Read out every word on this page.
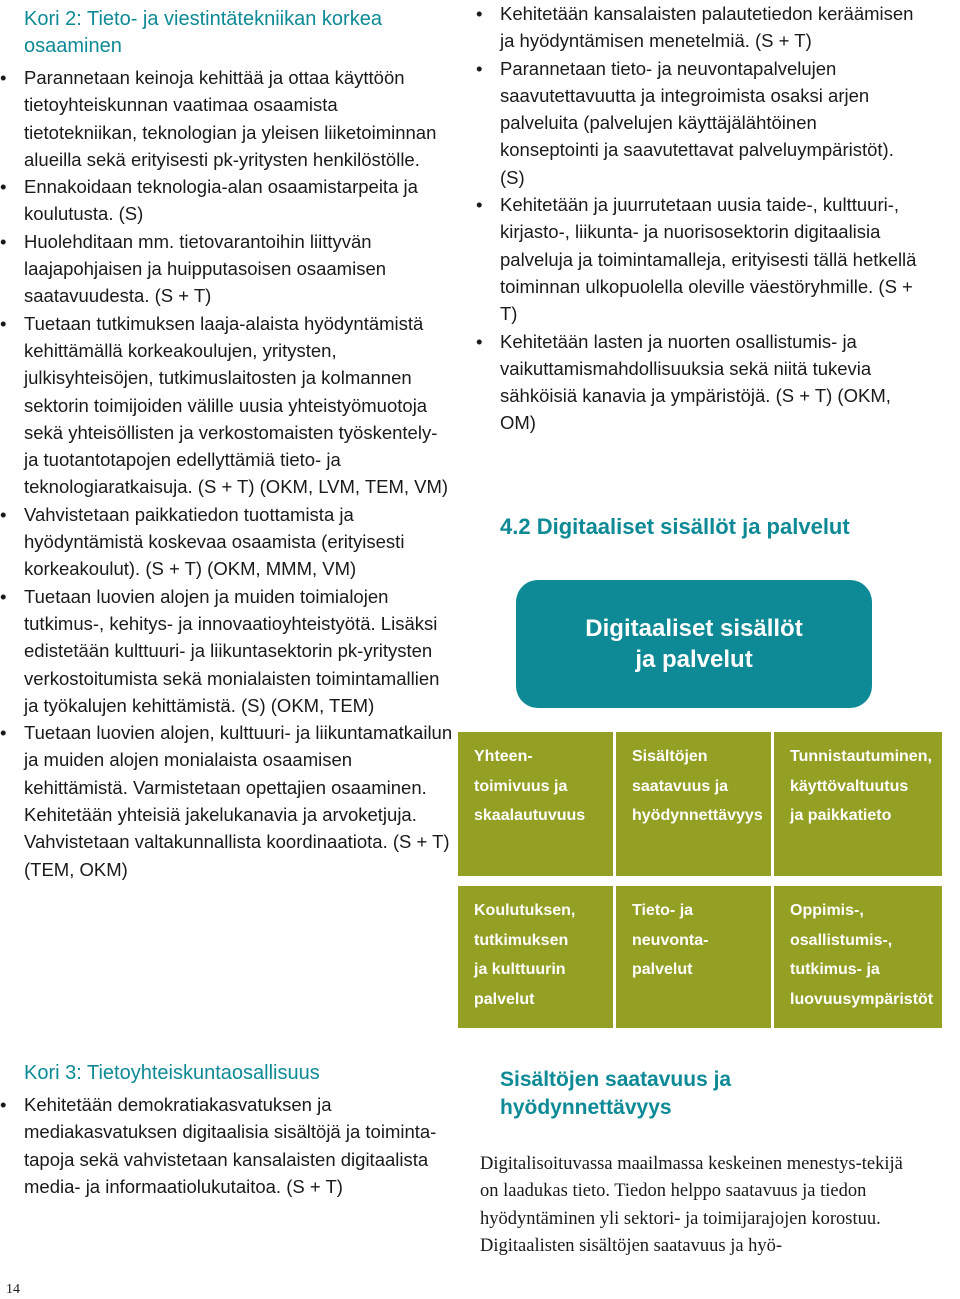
Kori 2: Tieto- ja viestintätekniikan korkea osaaminen
• Parannetaan keinoja kehittää ja ottaa käyttöön tietoyhteiskunnan vaatimaa osaamista tietotekniikan, teknologian ja yleisen liiketoiminnan alueilla sekä erityisesti pk-yritysten henkilöstölle.
• Ennakoidaan teknologia-alan osaamistarpeita ja koulutusta. (S)
• Huolehditaan mm. tietovarantoihin liittyvän laajapohjaisen ja huipputasoisen osaamisen saatavuudesta. (S + T)
• Tuetaan tutkimuksen laaja-alaista hyödyntämistä kehittämällä korkeakoulujen, yritysten, julkisyhteisöjen, tutkimuslaitosten ja kolmannen sektorin toimijoiden välille uusia yhteistyömuotoja sekä yhteisöllisten ja verkostomaisten työskentely- ja tuotantotapojen edellyttämiä tieto- ja teknologiaratkaisuja. (S + T) (OKM, LVM, TEM, VM)
• Vahvistetaan paikkatiedon tuottamista ja hyödyntämistä koskevaa osaamista (erityisesti korkeakoulut). (S + T) (OKM, MMM, VM)
• Tuetaan luovien alojen ja muiden toimialojen tutkimus-, kehitys- ja innovaatioyhteistyötä. Lisäksi edistetään kulttuuri- ja liikuntasektorin pk-yritysten verkostoitumista sekä monialaisten toimintamallien ja työkalujen kehittämistä. (S) (OKM, TEM)
• Tuetaan luovien alojen, kulttuuri- ja liikuntamatkailun ja muiden alojen monialaista osaamisen kehittämistä. Varmistetaan opettajien osaaminen. Kehitetään yhteisiä jakelukanavia ja arvoketjuja. Vahvistetaan valtakunnallista koordinaatiota. (S + T) (TEM, OKM)
Kori 3: Tietoyhteiskuntaosallisuus
• Kehitetään demokratiakasvatuksen ja mediakasvatuksen digitaalisia sisältöjä ja toiminta-tapoja sekä vahvistetaan kansalaisten digitaalista media- ja informaatiolukutaitoa. (S + T)
• Kehitetään kansalaisten palautetiedon keräämisen ja hyödyntämisen menetelmiä. (S + T)
• Parannetaan tieto- ja neuvontapalvelujen saavutettavuutta ja integroimista osaksi arjen palveluita (palvelujen käyttäjälähtöinen konseptointi ja saavutettavat palveluympäristöt). (S)
• Kehitetään ja juurrutetaan uusia taide-, kulttuuri-, kirjasto-, liikunta- ja nuorisosektorin digitaalisia palveluja ja toimintamalleja, erityisesti tällä hetkellä toiminnan ulkopuolella oleville väestöryhmille. (S + T)
• Kehitetään lasten ja nuorten osallistumis- ja vaikuttamismahdollisuuksia sekä niitä tukevia sähköisiä kanavia ja ympäristöjä. (S + T) (OKM, OM)
4.2 Digitaaliset sisällöt ja palvelut
Digitaaliset sisällöt ja palvelut
Yhteen-
toimivuus ja
skaalautuvuus
Sisältöjen
saatavuus ja
hyödynnettävyys
Tunnistautuminen,
käyttövaltuutus
ja paikkatieto
Koulutuksen,
tutkimuksen
ja kulttuurin
palvelut
Tieto- ja
neuvonta-
palvelut
Oppimis-,
osallistumis-,
tutkimus- ja
luovuusympäristöt
Sisältöjen saatavuus ja hyödynnettävyys

Digitalisoituvassa maailmassa keskeinen menestys-tekijä on laadukas tieto. Tiedon helppo saatavuus ja tiedon hyödyntäminen yli sektori- ja toimijarajojen korostuu. Digitaalisten sisältöjen saatavuus ja hyö-

14
